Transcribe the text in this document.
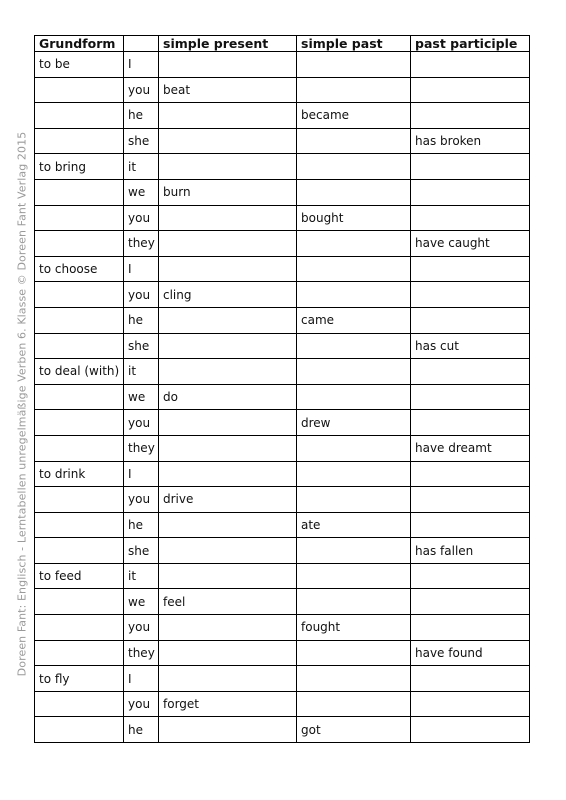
Doreen Fant: Englisch - Lerntabellen unregelmäßige Verben 6. Klasse © Doreen Fant Verlag 2015
Grundform		simple present	simple past	past participle
to be	I			
	you	beat		
	he		became	
	she			has broken
to bring	it			
	we	burn		
	you		bought	
	they			have caught
to choose	I			
	you	cling		
	he		came	
	she			has cut
to deal (with)	it			
	we	do		
	you		drew	
	they			have dreamt
to drink	I			
	you	drive		
	he		ate	
	she			has fallen
to feed	it			
	we	feel		
	you		fought	
	they			have found
to fly	I			
	you	forget		
	he		got	
